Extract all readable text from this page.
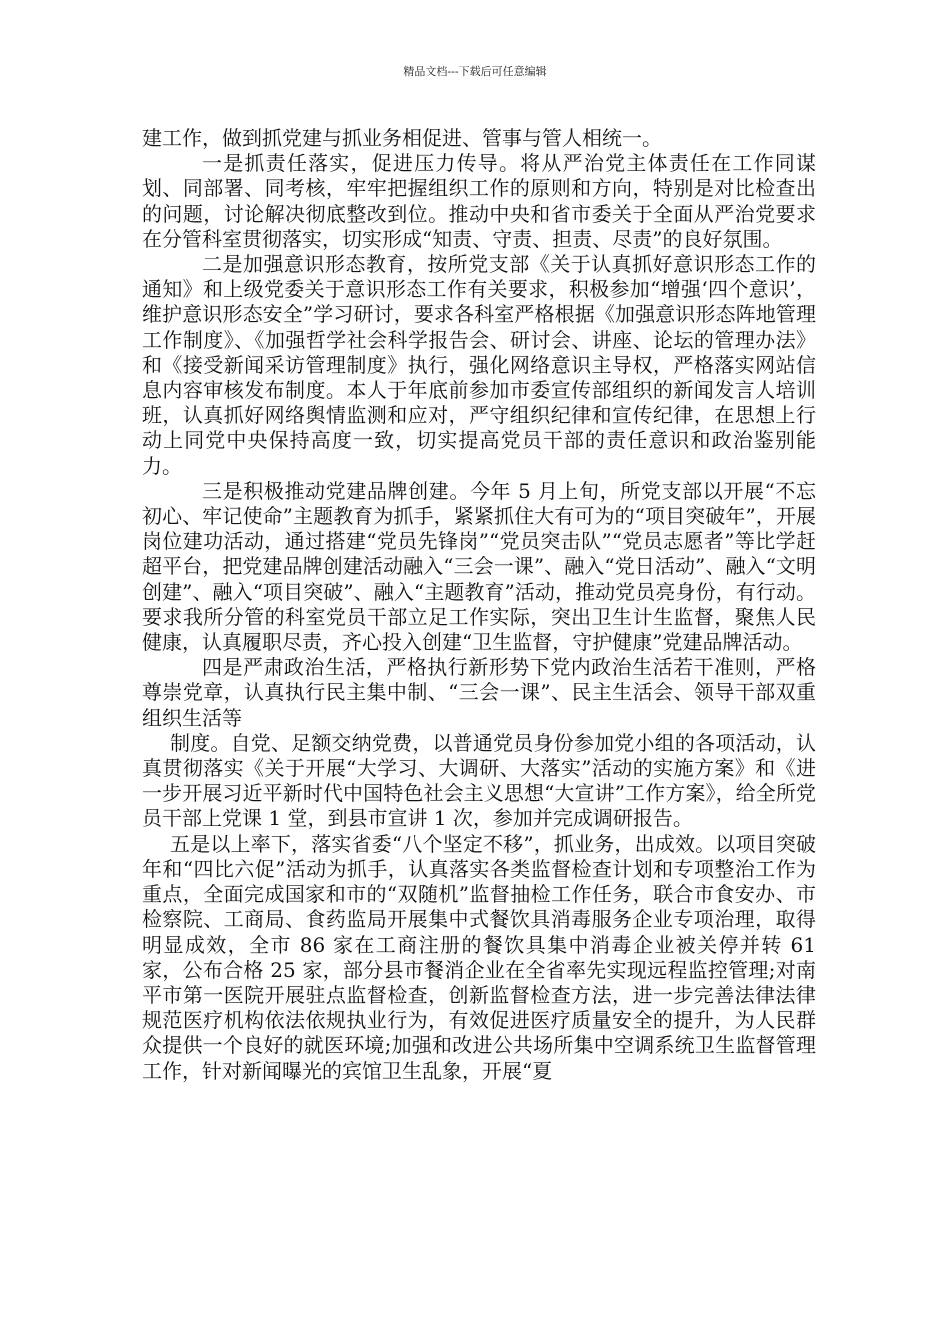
精品文档---下载后可任意编辑

建工作，做到抓党建与抓业务相促进、管事与管人相统一。

一是抓责任落实，促进压力传导。将从严治党主体责任在工作同谋划、同部署、同考核，牢牢把握组织工作的原则和方向，特别是对比检查出的问题，讨论解决彻底整改到位。推动中央和省市委关于全面从严治党要求在分管科室贯彻落实，切实形成“知责、守责、担责、尽责”的良好氛围。

二是加强意识形态教育，按所党支部《关于认真抓好意识形态工作的通知》和上级党委关于意识形态工作有关要求，积极参加“增强‘四个意识’，维护意识形态安全”学习研讨，要求各科室严格根据《加强意识形态阵地管理工作制度》、《加强哲学社会科学报告会、研讨会、讲座、论坛的管理办法》和《接受新闻采访管理制度》执行，强化网络意识主导权，严格落实网站信息内容审核发布制度。本人于年底前参加市委宣传部组织的新闻发言人培训班，认真抓好网络舆情监测和应对，严守组织纪律和宣传纪律，在思想上行动上同党中央保持高度一致，切实提高党员干部的责任意识和政治鉴别能力。

三是积极推动党建品牌创建。今年 5 月上旬，所党支部以开展“不忘初心、牢记使命”主题教育为抓手，紧紧抓住大有可为的“项目突破年”，开展岗位建功活动，通过搭建“党员先锋岗”“党员突击队”“党员志愿者”等比学赶超平台，把党建品牌创建活动融入“三会一课”、融入“党日活动”、融入“文明创建”、融入“项目突破”、融入“主题教育”活动，推动党员亮身份，有行动。要求我所分管的科室党员干部立足工作实际，突出卫生计生监督，聚焦人民健康，认真履职尽责，齐心投入创建“卫生监督，守护健康”党建品牌活动。

四是严肃政治生活，严格执行新形势下党内政治生活若干准则，严格尊崇党章，认真执行民主集中制、“三会一课”、民主生活会、领导干部双重组织生活等

制度。自党、足额交纳党费，以普通党员身份参加党小组的各项活动，认真贯彻落实《关于开展“大学习、大调研、大落实”活动的实施方案》和《进一步开展习近平新时代中国特色社会主义思想“大宣讲”工作方案》，给全所党员干部上党课 1 堂，到县市宣讲 1 次，参加并完成调研报告。

五是以上率下，落实省委“八个坚定不移”，抓业务，出成效。以项目突破年和“四比六促”活动为抓手，认真落实各类监督检查计划和专项整治工作为重点，全面完成国家和市的“双随机”监督抽检工作任务，联合市食安办、市检察院、工商局、食药监局开展集中式餐饮具消毒服务企业专项治理，取得明显成效，全市 86 家在工商注册的餐饮具集中消毒企业被关停并转 61 家，公布合格 25 家，部分县市餐消企业在全省率先实现远程监控管理;对南平市第一医院开展驻点监督检查，创新监督检查方法，进一步完善法律法律规范医疗机构依法依规执业行为，有效促进医疗质量安全的提升，为人民群众提供一个良好的就医环境;加强和改进公共场所集中空调系统卫生监督管理工作，针对新闻曝光的宾馆卫生乱象，开展“夏
